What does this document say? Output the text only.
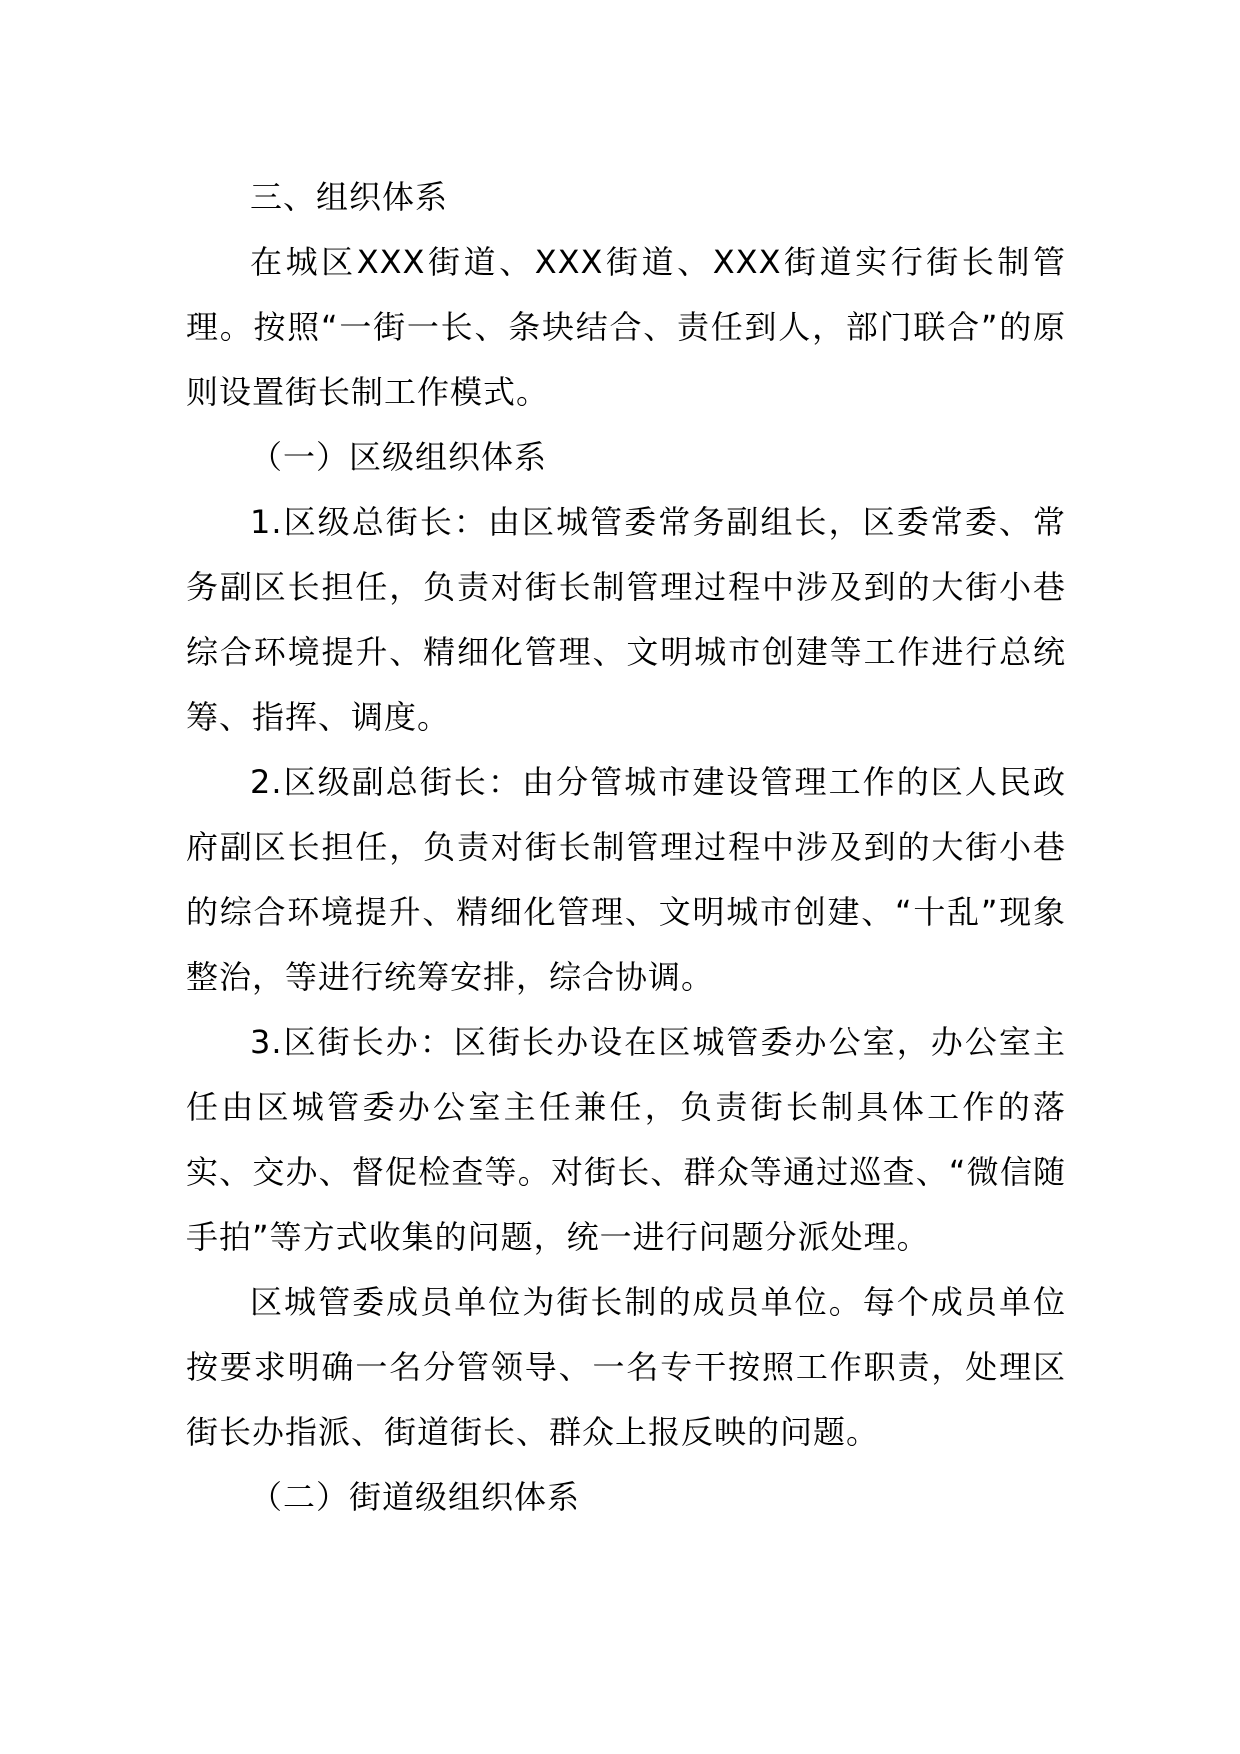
三、组织体系

在城区XXX街道、XXX街道、XXX街道实行街长制管理。按照“一街一长、条块结合、责任到人，部门联合”的原则设置街长制工作模式。

（一）区级组织体系

1.区级总街长：由区城管委常务副组长，区委常委、常务副区长担任，负责对街长制管理过程中涉及到的大街小巷综合环境提升、精细化管理、文明城市创建等工作进行总统筹、指挥、调度。

2.区级副总街长：由分管城市建设管理工作的区人民政府副区长担任，负责对街长制管理过程中涉及到的大街小巷的综合环境提升、精细化管理、文明城市创建、“十乱”现象整治，等进行统筹安排，综合协调。

3.区街长办：区街长办设在区城管委办公室，办公室主任由区城管委办公室主任兼任，负责街长制具体工作的落实、交办、督促检查等。对街长、群众等通过巡查、“微信随手拍”等方式收集的问题，统一进行问题分派处理。

区城管委成员单位为街长制的成员单位。每个成员单位按要求明确一名分管领导、一名专干按照工作职责，处理区街长办指派、街道街长、群众上报反映的问题。

（二）街道级组织体系
